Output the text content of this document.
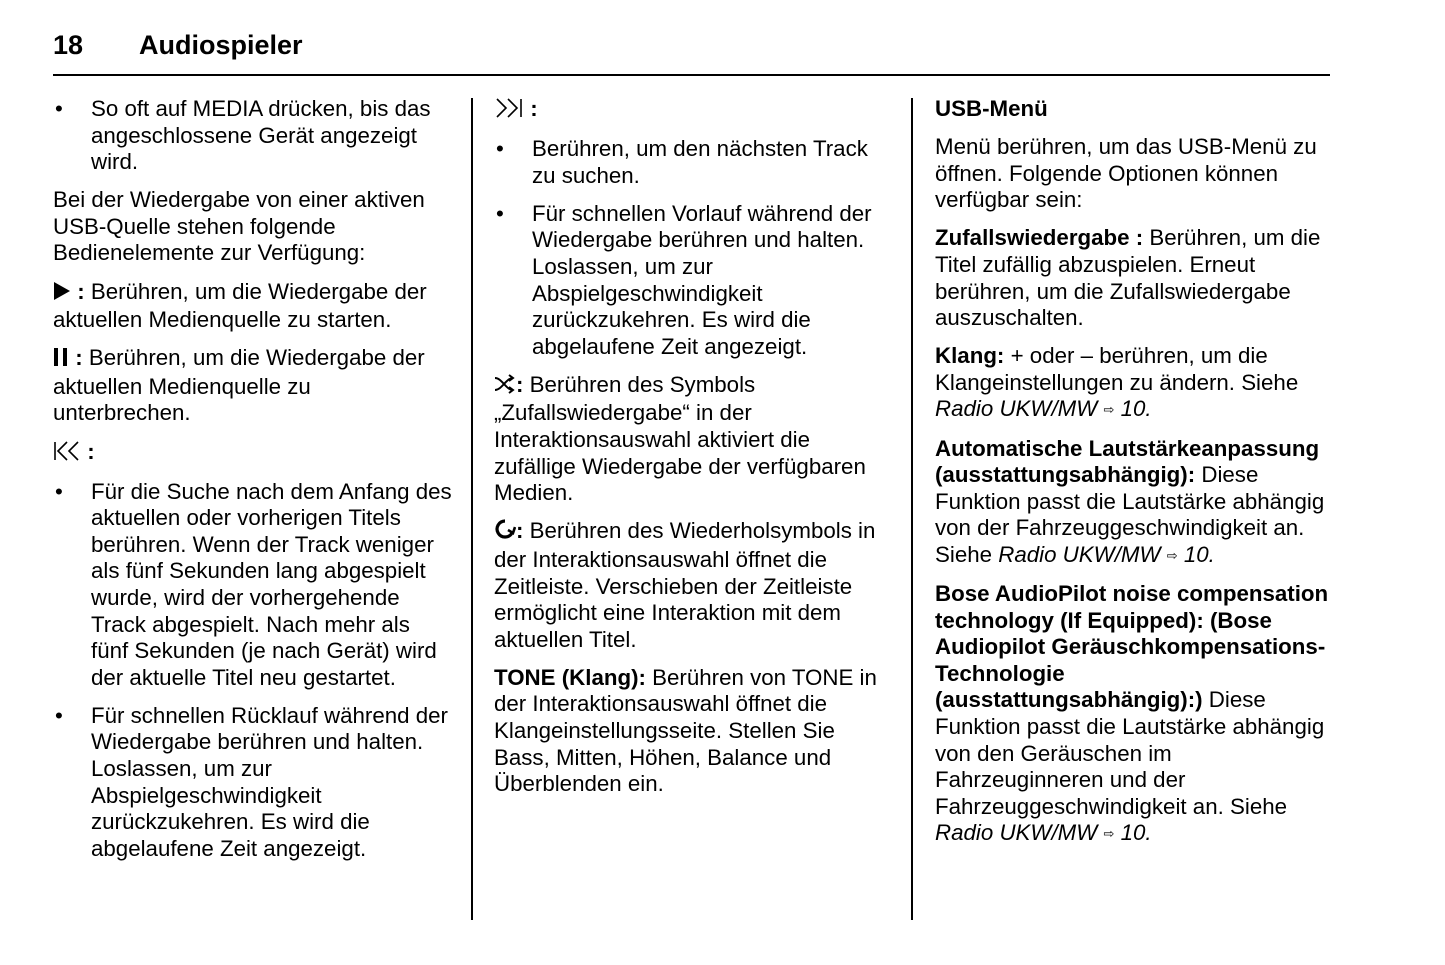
18 Audiospieler
• So oft auf MEDIA drücken, bis das angeschlossene Gerät angezeigt wird.

Bei der Wiedergabe von einer aktiven USB-Quelle stehen folgende Bedienelemente zur Verfügung:

: Berühren, um die Wiedergabe der aktuellen Medienquelle zu starten.

: Berühren, um die Wiedergabe der aktuellen Medienquelle zu unterbrechen.

:

• Für die Suche nach dem Anfang des aktuellen oder vorherigen Titels berühren. Wenn der Track weniger als fünf Sekunden lang abgespielt wurde, wird der vorhergehende Track abgespielt. Nach mehr als fünf Sekunden (je nach Gerät) wird der aktuelle Titel neu gestartet.
• Für schnellen Rücklauf während der Wiedergabe berühren und halten. Loslassen, um zur Abspielgeschwindigkeit zurückzukehren. Es wird die abgelaufene Zeit angezeigt.

:

• Berühren, um den nächsten Track zu suchen.
• Für schnellen Vorlauf während der Wiedergabe berühren und halten. Loslassen, um zur Abspielgeschwindigkeit zurückzukehren. Es wird die abgelaufene Zeit angezeigt.

: Berühren des Symbols „Zufallswiedergabe“ in der Interaktionsauswahl aktiviert die zufällige Wiedergabe der verfügbaren Medien.

: Berühren des Wiederholsymbols in der Interaktionsauswahl öffnet die Zeitleiste. Verschieben der Zeitleiste ermöglicht eine Interaktion mit dem aktuellen Titel.

TONE (Klang): Berühren von TONE in der Interaktionsauswahl öffnet die Klangeinstellungsseite. Stellen Sie Bass, Mitten, Höhen, Balance und Überblenden ein.

USB-Menü

Menü berühren, um das USB-Menü zu öffnen. Folgende Optionen können verfügbar sein:

Zufallswiedergabe : Berühren, um die Titel zufällig abzuspielen. Erneut berühren, um die Zufallswiedergabe auszuschalten.

Klang: + oder – berühren, um die Klangeinstellungen zu ändern. Siehe Radio UKW/MW ⇨ 10.

Automatische Lautstärkeanpassung (ausstattungsabhängig): Diese Funktion passt die Lautstärke abhängig von der Fahrzeuggeschwindigkeit an. Siehe Radio UKW/MW ⇨ 10.

Bose AudioPilot noise compensation technology (If Equipped): (Bose Audiopilot Geräuschkompensations-Technologie (ausstattungsabhängig):) Diese Funktion passt die Lautstärke abhängig von den Geräuschen im Fahrzeuginneren und der Fahrzeuggeschwindigkeit an. Siehe Radio UKW/MW ⇨ 10.
